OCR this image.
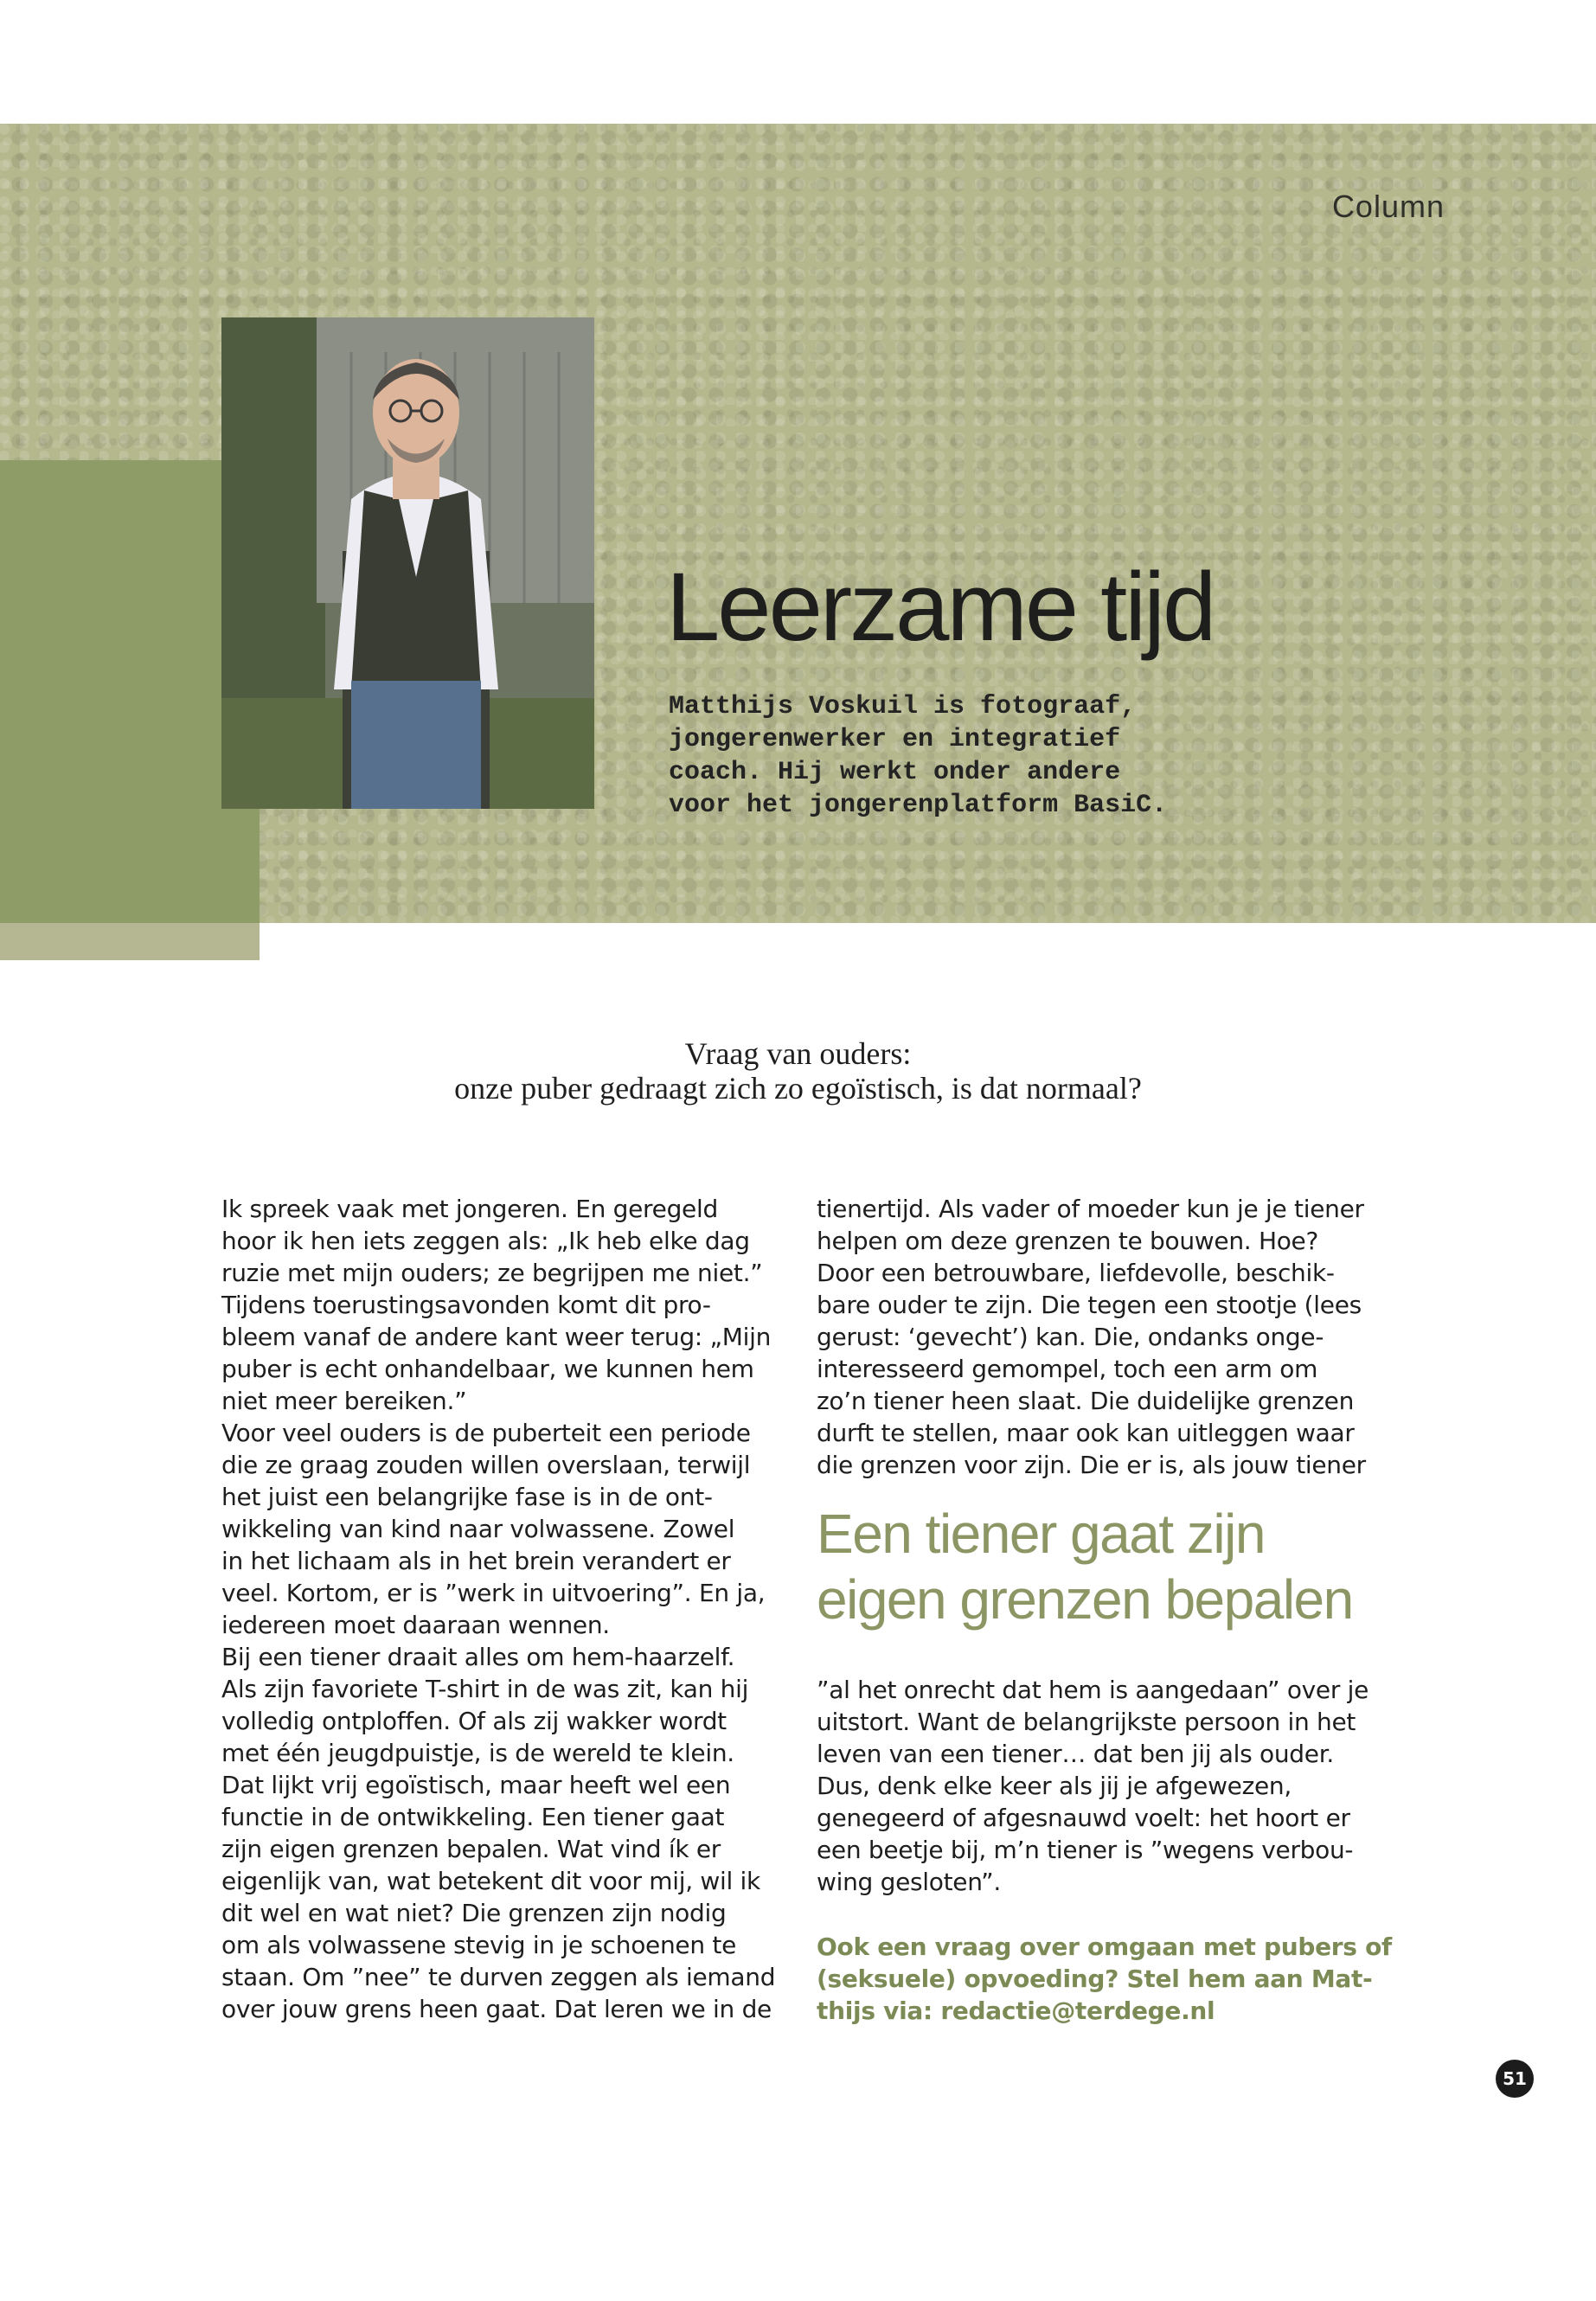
Column
Leerzame tijd
Matthijs Voskuil is fotograaf,
jongerenwerker en integratief
coach. Hij werkt onder andere
voor het jongerenplatform BasiC.
Vraag van ouders:
onze puber gedraagt zich zo egoïstisch, is dat normaal?

Ik spreek vaak met jongeren. En geregeld

hoor ik hen iets zeggen als: „Ik heb elke dag

ruzie met mijn ouders; ze begrijpen me niet.”

Tijdens toerustingsavonden komt dit pro-

bleem vanaf de andere kant weer terug: „Mijn

puber is echt onhandelbaar, we kunnen hem

niet meer bereiken.”

Voor veel ouders is de puberteit een periode

die ze graag zouden willen overslaan, terwijl

het juist een belangrijke fase is in de ont-

wikkeling van kind naar volwassene. Zowel

in het lichaam als in het brein verandert er

veel. Kortom, er is ”werk in uitvoering”. En ja,

iedereen moet daaraan wennen.

Bij een tiener draait alles om hem-haarzelf.

Als zijn favoriete T-shirt in de was zit, kan hij

volledig ontploffen. Of als zij wakker wordt

met één jeugdpuistje, is de wereld te klein.

Dat lijkt vrij egoïstisch, maar heeft wel een

functie in de ontwikkeling. Een tiener gaat

zijn eigen grenzen bepalen. Wat vind ík er

eigenlijk van, wat betekent dit voor mij, wil ik

dit wel en wat niet? Die grenzen zijn nodig

om als volwassene stevig in je schoenen te

staan. Om ”nee” te durven zeggen als iemand

over jouw grens heen gaat. Dat leren we in de

tienertijd. Als vader of moeder kun je je tiener

helpen om deze grenzen te bouwen. Hoe?

Door een betrouwbare, liefdevolle, beschik-

bare ouder te zijn. Die tegen een stootje (lees

gerust: ‘gevecht’) kan. Die, ondanks onge-

interesseerd gemompel, toch een arm om

zo’n tiener heen slaat. Die duidelijke grenzen

durft te stellen, maar ook kan uitleggen waar

die grenzen voor zijn. Die er is, als jouw tiener

Een tiener gaat zijn
eigen grenzen bepalen

”al het onrecht dat hem is aangedaan” over je

uitstort. Want de belangrijkste persoon in het

leven van een tiener… dat ben jij als ouder.

Dus, denk elke keer als jij je afgewezen,

genegeerd of afgesnauwd voelt: het hoort er

een beetje bij, m’n tiener is ”wegens verbou-

wing gesloten”.

Ook een vraag over omgaan met pubers of

(seksuele) opvoeding? Stel hem aan Mat-

thijs via: redactie@terdege.nl

51
